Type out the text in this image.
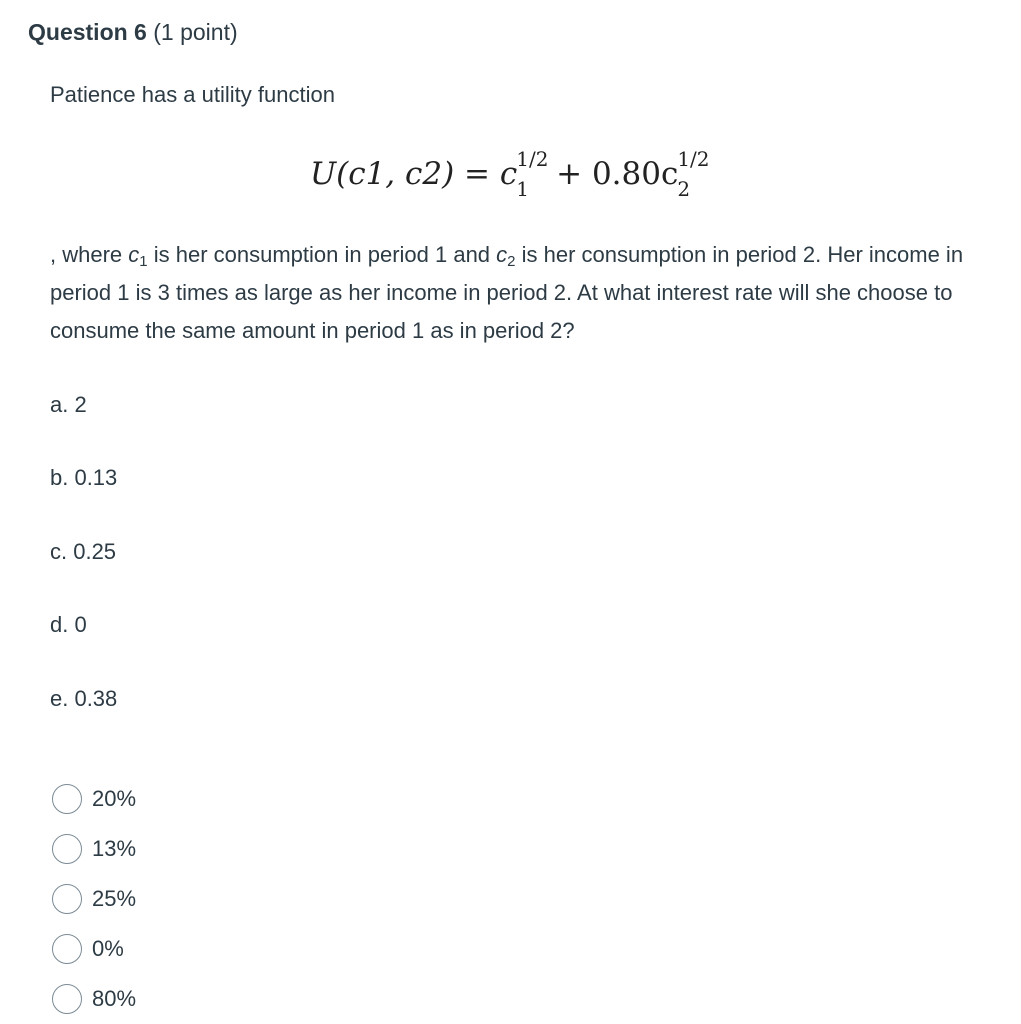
Question 6 (1 point)
Patience has a utility function
U(c1, c2) = c 1/2
1 + 0.80c 1/2
2
, where $c_1$ is her consumption in period 1 and $c_2$ is her consumption in period 2. Her income in period 1 is 3 times as large as her income in period 2. At what interest rate will she choose to consume the same amount in period 1 as in period 2?
a. 2
b. 0.13
c. 0.25
d. 0
e. 0.38
20%
13%
25%
0%
80%
